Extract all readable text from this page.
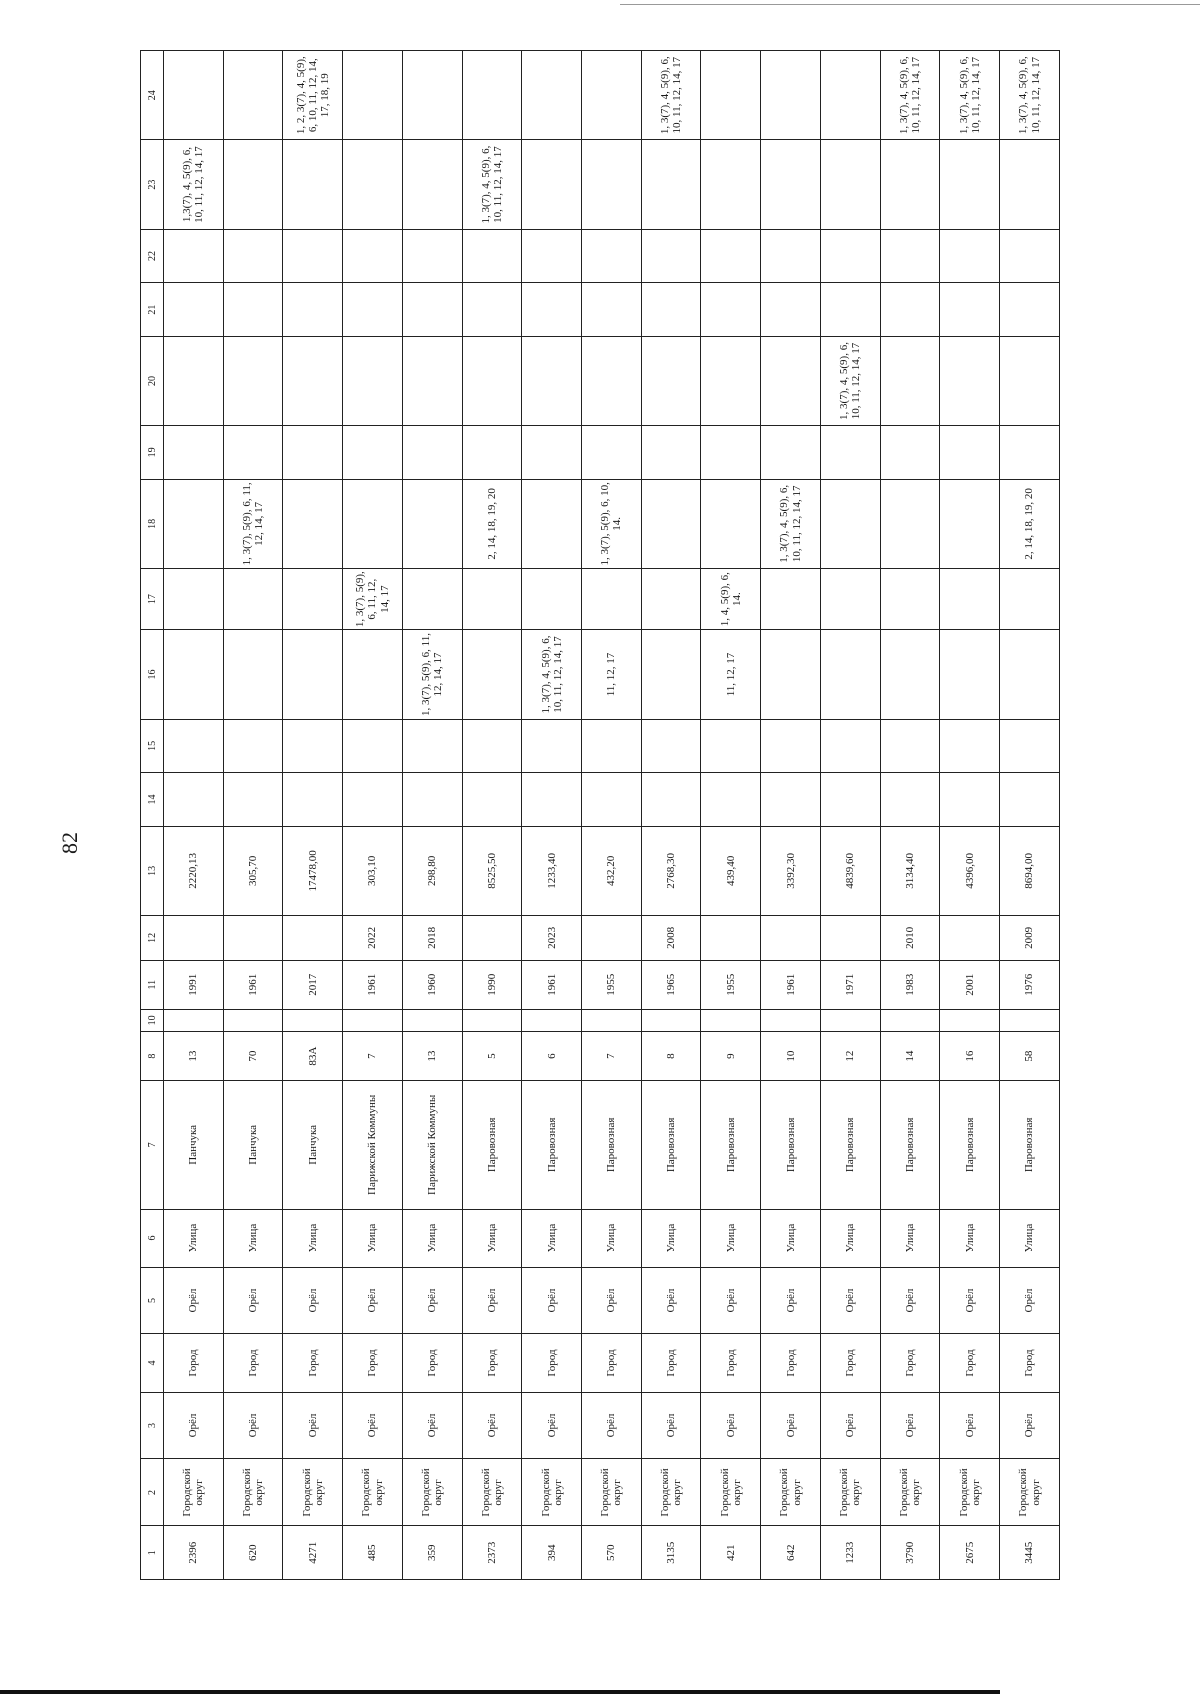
82
1	2	3	4	5	6	7	8	10	11	12	13	14	15	16	17	18	19	20	21	22	23	24
2396	Городской округ	Орёл	Город	Орёл	Улица	Панчука	13		1991		2220,13										1,3(7), 4, 5(9), 6, 10, 11, 12, 14, 17	
620	Городской округ	Орёл	Город	Орёл	Улица	Панчука	70		1961		305,70					1, 3(7), 5(9), 6, 11, 12, 14, 17						
4271	Городской округ	Орёл	Город	Орёл	Улица	Панчука	83А		2017		17478,00											1, 2, 3(7), 4, 5(9), 6, 10, 11, 12, 14, 17, 18, 19
485	Городской округ	Орёл	Город	Орёл	Улица	Парижской Коммуны	7		1961	2022	303,10				1, 3(7), 5(9), 6, 11, 12, 14, 17							
359	Городской округ	Орёл	Город	Орёл	Улица	Парижской Коммуны	13		1960	2018	298,80			1, 3(7), 5(9), 6, 11, 12, 14, 17								
2373	Городской округ	Орёл	Город	Орёл	Улица	Паровозная	5		1990		8525,50					2, 14, 18, 19, 20					1, 3(7), 4, 5(9), 6, 10, 11, 12, 14, 17	
394	Городской округ	Орёл	Город	Орёл	Улица	Паровозная	6		1961	2023	1233,40			1, 3(7), 4, 5(9), 6, 10, 11, 12, 14, 17								
570	Городской округ	Орёл	Город	Орёл	Улица	Паровозная	7		1955		432,20			11, 12, 17		1, 3(7), 5(9), 6, 10, 14.						
3135	Городской округ	Орёл	Город	Орёл	Улица	Паровозная	8		1965	2008	2768,30											1, 3(7), 4, 5(9), 6, 10, 11, 12, 14, 17
421	Городской округ	Орёл	Город	Орёл	Улица	Паровозная	9		1955		439,40			11, 12, 17	1, 4, 5(9), 6, 14.							
642	Городской округ	Орёл	Город	Орёл	Улица	Паровозная	10		1961		3392,30					1, 3(7), 4, 5(9), 6, 10, 11, 12, 14, 17						
1233	Городской округ	Орёл	Город	Орёл	Улица	Паровозная	12		1971		4839,60							1, 3(7), 4, 5(9), 6, 10, 11, 12, 14, 17				
3790	Городской округ	Орёл	Город	Орёл	Улица	Паровозная	14		1983	2010	3134,40											1, 3(7), 4, 5(9), 6, 10, 11, 12, 14, 17
2675	Городской округ	Орёл	Город	Орёл	Улица	Паровозная	16		2001		4396,00											1, 3(7), 4, 5(9), 6, 10, 11, 12, 14, 17
3445	Городской округ	Орёл	Город	Орёл	Улица	Паровозная	58		1976	2009	8694,00					2, 14, 18, 19, 20						1, 3(7), 4, 5(9), 6, 10, 11, 12, 14, 17
